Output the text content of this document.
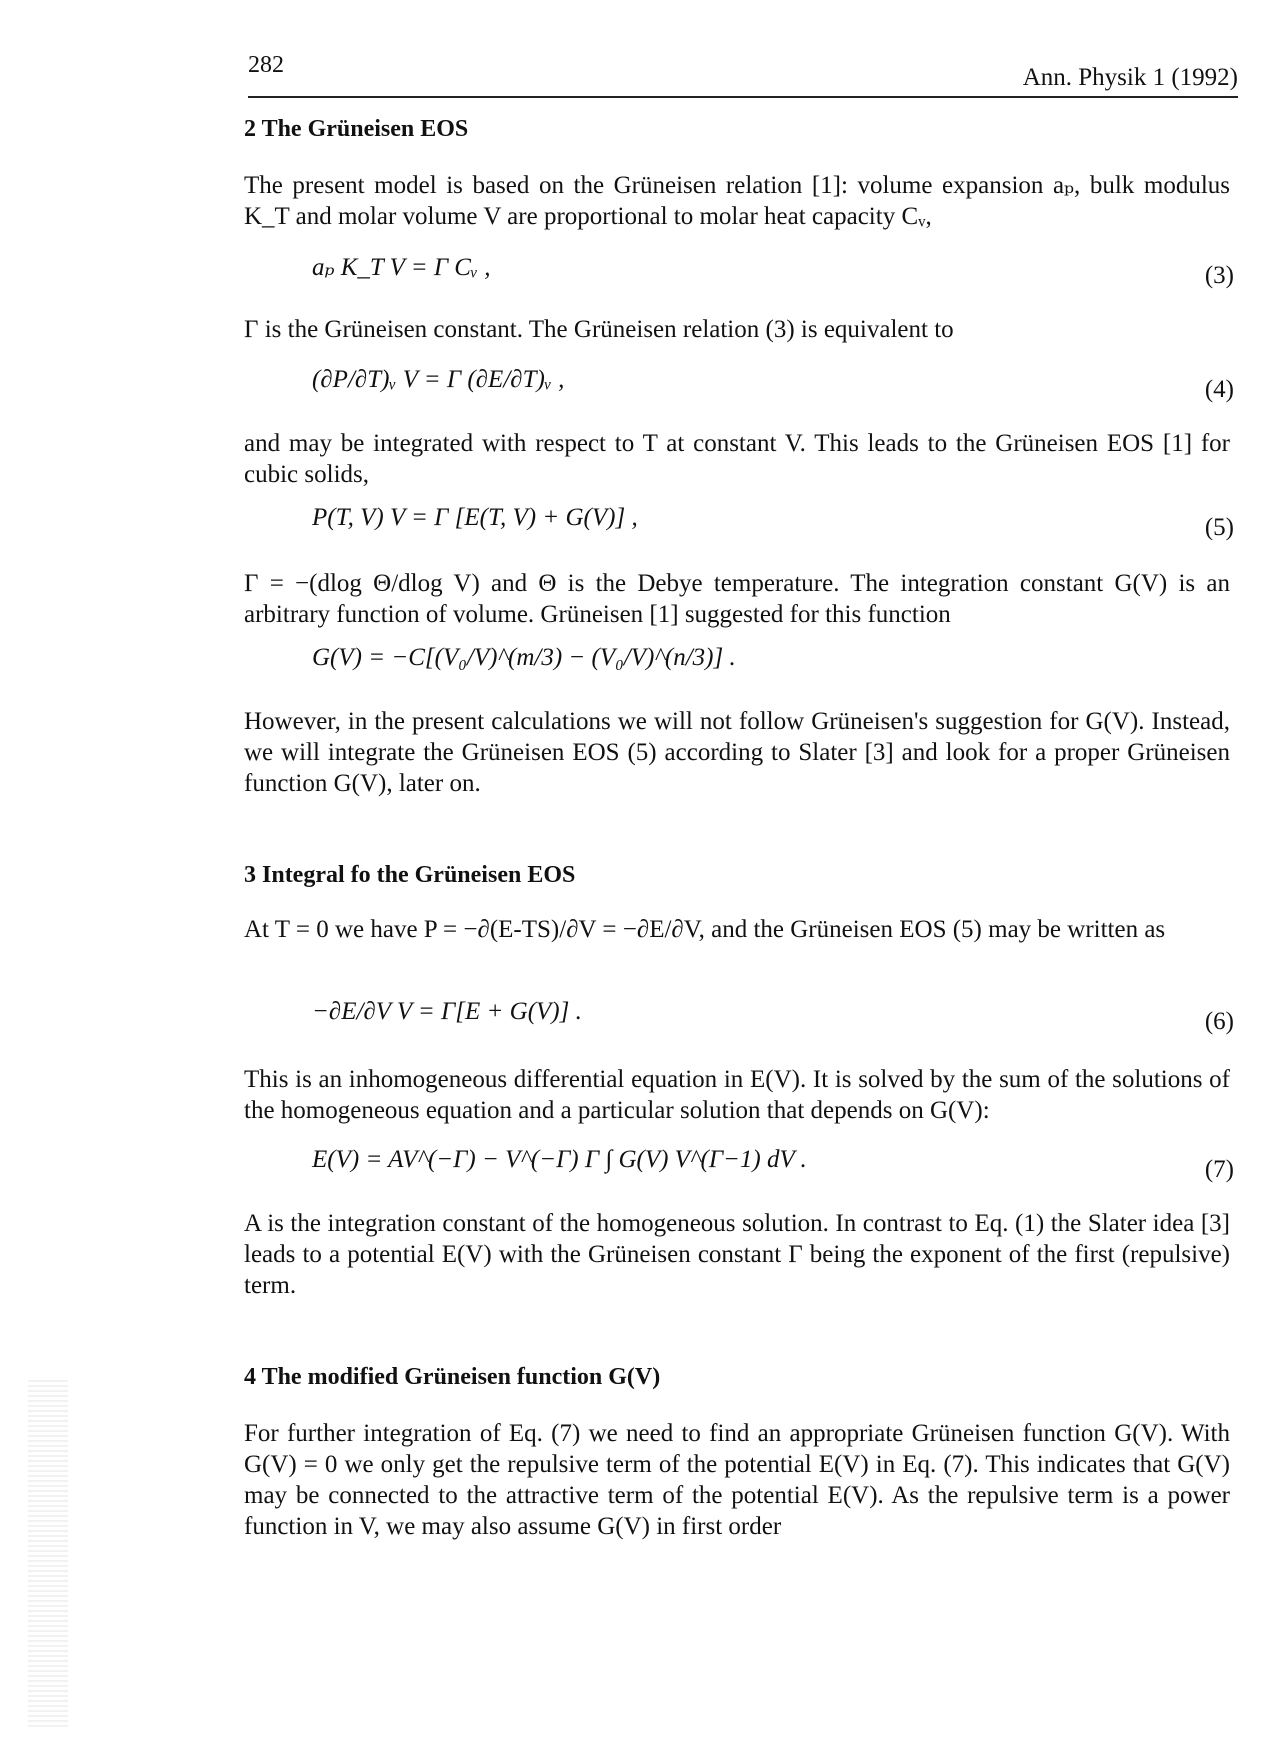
282	Ann. Physik 1 (1992)
2 The Grüneisen EOS

The present model is based on the Grüneisen relation [1]: volume expansion aₚ, bulk modulus K_T and molar volume V are proportional to molar heat capacity Cᵥ,

aₚ K_T V = Γ Cᵥ ,	(3)

Γ is the Grüneisen constant. The Grüneisen relation (3) is equivalent to

(∂P/∂T)ᵥ V = Γ (∂E/∂T)ᵥ ,	(4)

and may be integrated with respect to T at constant V. This leads to the Grüneisen EOS [1] for cubic solids,

P(T, V) V = Γ [E(T, V) + G(V)] ,	(5)

Γ = −(dlog Θ/dlog V) and Θ is the Debye temperature. The integration constant G(V) is an arbitrary function of volume. Grüneisen [1] suggested for this function

G(V) = −C[(V₀/V)^(m/3) − (V₀/V)^(n/3)] .

However, in the present calculations we will not follow Grüneisen's suggestion for G(V). Instead, we will integrate the Grüneisen EOS (5) according to Slater [3] and look for a proper Grüneisen function G(V), later on.

3 Integral fo the Grüneisen EOS

At T = 0 we have P = −∂(E-TS)/∂V = −∂E/∂V, and the Grüneisen EOS (5) may be written as

−∂E/∂V V = Γ[E + G(V)] .	(6)

This is an inhomogeneous differential equation in E(V). It is solved by the sum of the solutions of the homogeneous equation and a particular solution that depends on G(V):

E(V) = AV^(−Γ) − V^(−Γ) Γ ∫ G(V) V^(Γ−1) dV .	(7)

A is the integration constant of the homogeneous solution. In contrast to Eq. (1) the Slater idea [3] leads to a potential E(V) with the Grüneisen constant Γ being the exponent of the first (repulsive) term.

4 The modified Grüneisen function G(V)

For further integration of Eq. (7) we need to find an appropriate Grüneisen function G(V). With G(V) = 0 we only get the repulsive term of the potential E(V) in Eq. (7). This indicates that G(V) may be connected to the attractive term of the potential E(V). As the repulsive term is a power function in V, we may also assume G(V) in first order
